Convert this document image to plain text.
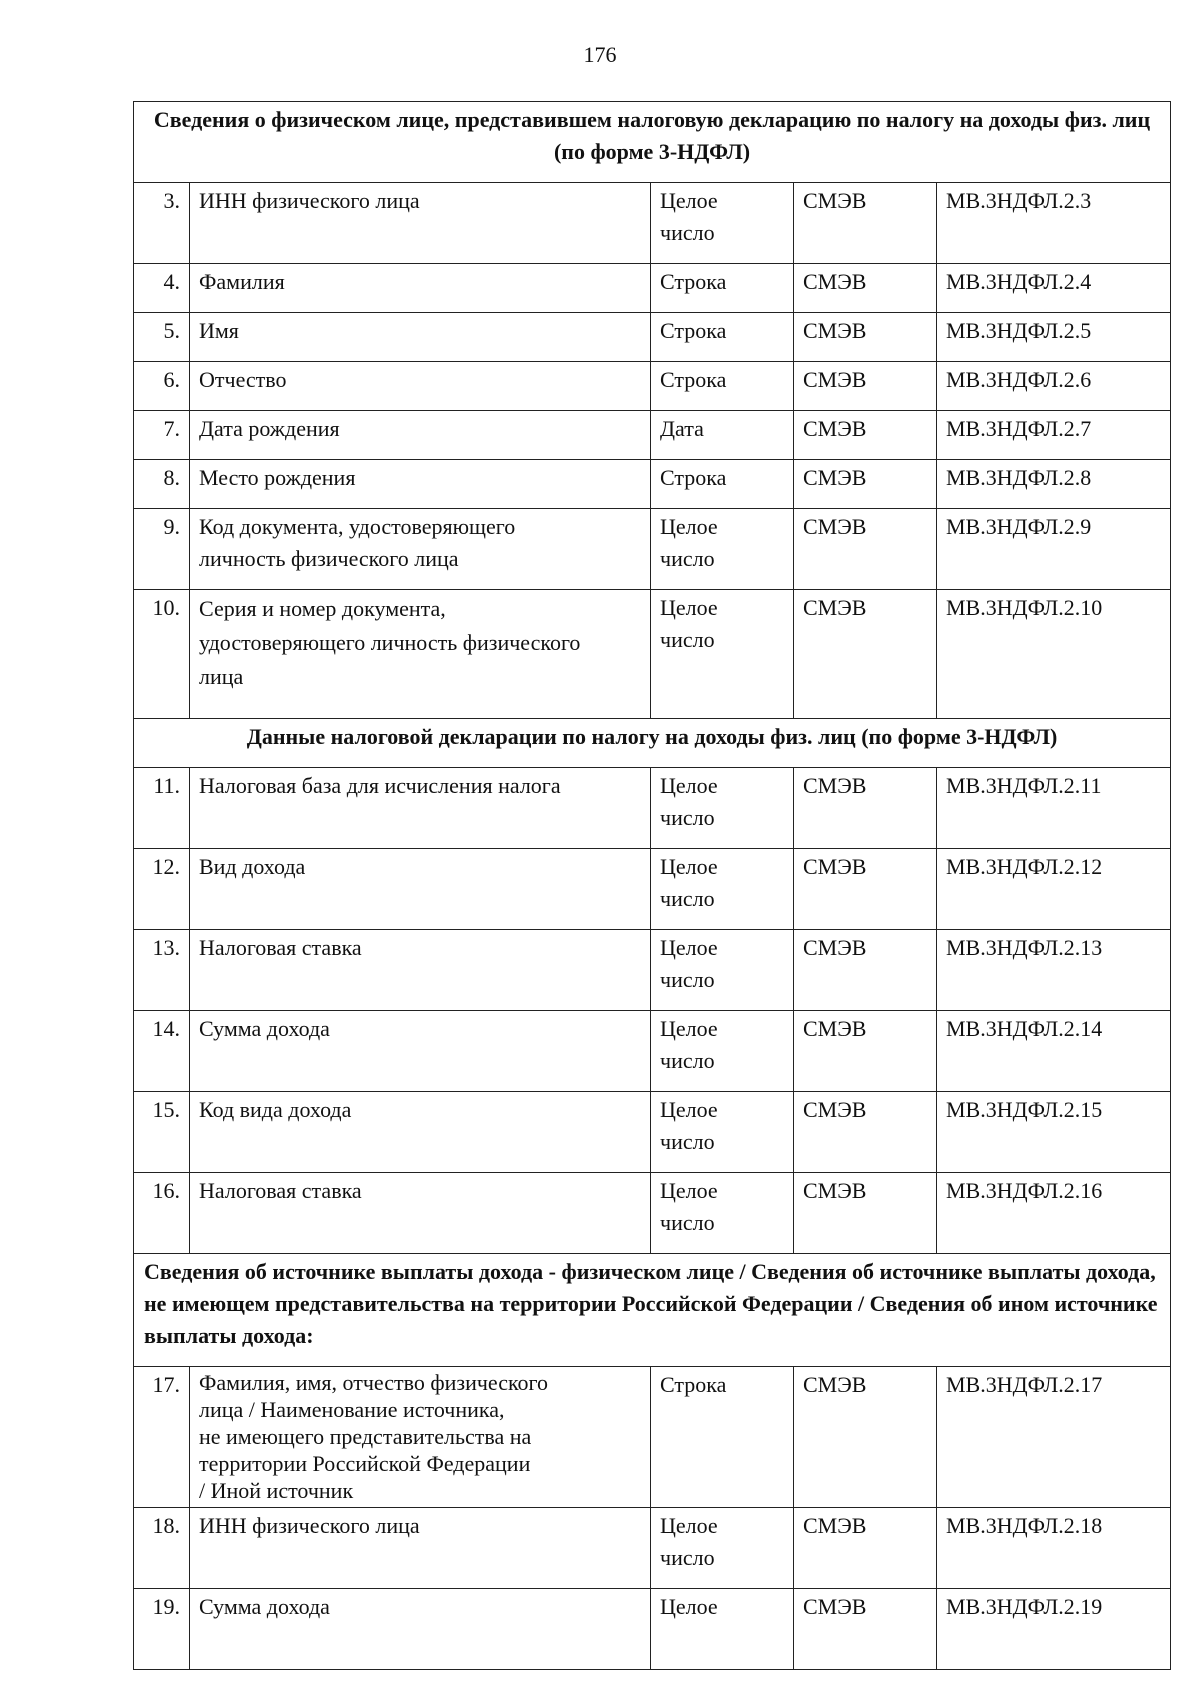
176
Сведения о физическом лице, представившем налоговую декларацию по налогу на доходы физ. лиц (по форме 3-НДФЛ)				
3.	ИНН физического лица	Целое
число	СМЭВ	МВ.3НДФЛ.2.3
4.	Фамилия	Строка	СМЭВ	МВ.3НДФЛ.2.4
5.	Имя	Строка	СМЭВ	МВ.3НДФЛ.2.5
6.	Отчество	Строка	СМЭВ	МВ.3НДФЛ.2.6
7.	Дата рождения	Дата	СМЭВ	МВ.3НДФЛ.2.7
8.	Место рождения	Строка	СМЭВ	МВ.3НДФЛ.2.8
9.	Код документа, удостоверяющего
личность физического лица	Целое
число	СМЭВ	МВ.3НДФЛ.2.9
10.	Серия и номер документа,
удостоверяющего личность физического
лица	Целое
число	СМЭВ	МВ.3НДФЛ.2.10
Данные налоговой декларации по налогу на доходы физ. лиц (по форме 3-НДФЛ)				
11.	Налоговая база для исчисления налога	Целое
число	СМЭВ	МВ.3НДФЛ.2.11
12.	Вид дохода	Целое
число	СМЭВ	МВ.3НДФЛ.2.12
13.	Налоговая ставка	Целое
число	СМЭВ	МВ.3НДФЛ.2.13
14.	Сумма дохода	Целое
число	СМЭВ	МВ.3НДФЛ.2.14
15.	Код вида дохода	Целое
число	СМЭВ	МВ.3НДФЛ.2.15
16.	Налоговая ставка	Целое
число	СМЭВ	МВ.3НДФЛ.2.16
Сведения об источнике выплаты дохода - физическом лице / Сведения об источнике выплаты дохода, не имеющем представительства на территории Российской Федерации / Сведения об ином источнике выплаты дохода:				
17.	Фамилия, имя, отчество физического
лица / Наименование источника,
не имеющего представительства на
территории Российской Федерации
/ Иной источник	Строка	СМЭВ	МВ.3НДФЛ.2.17
18.	ИНН физического лица	Целое
число	СМЭВ	МВ.3НДФЛ.2.18
19.	Сумма дохода	Целое	СМЭВ	МВ.3НДФЛ.2.19
